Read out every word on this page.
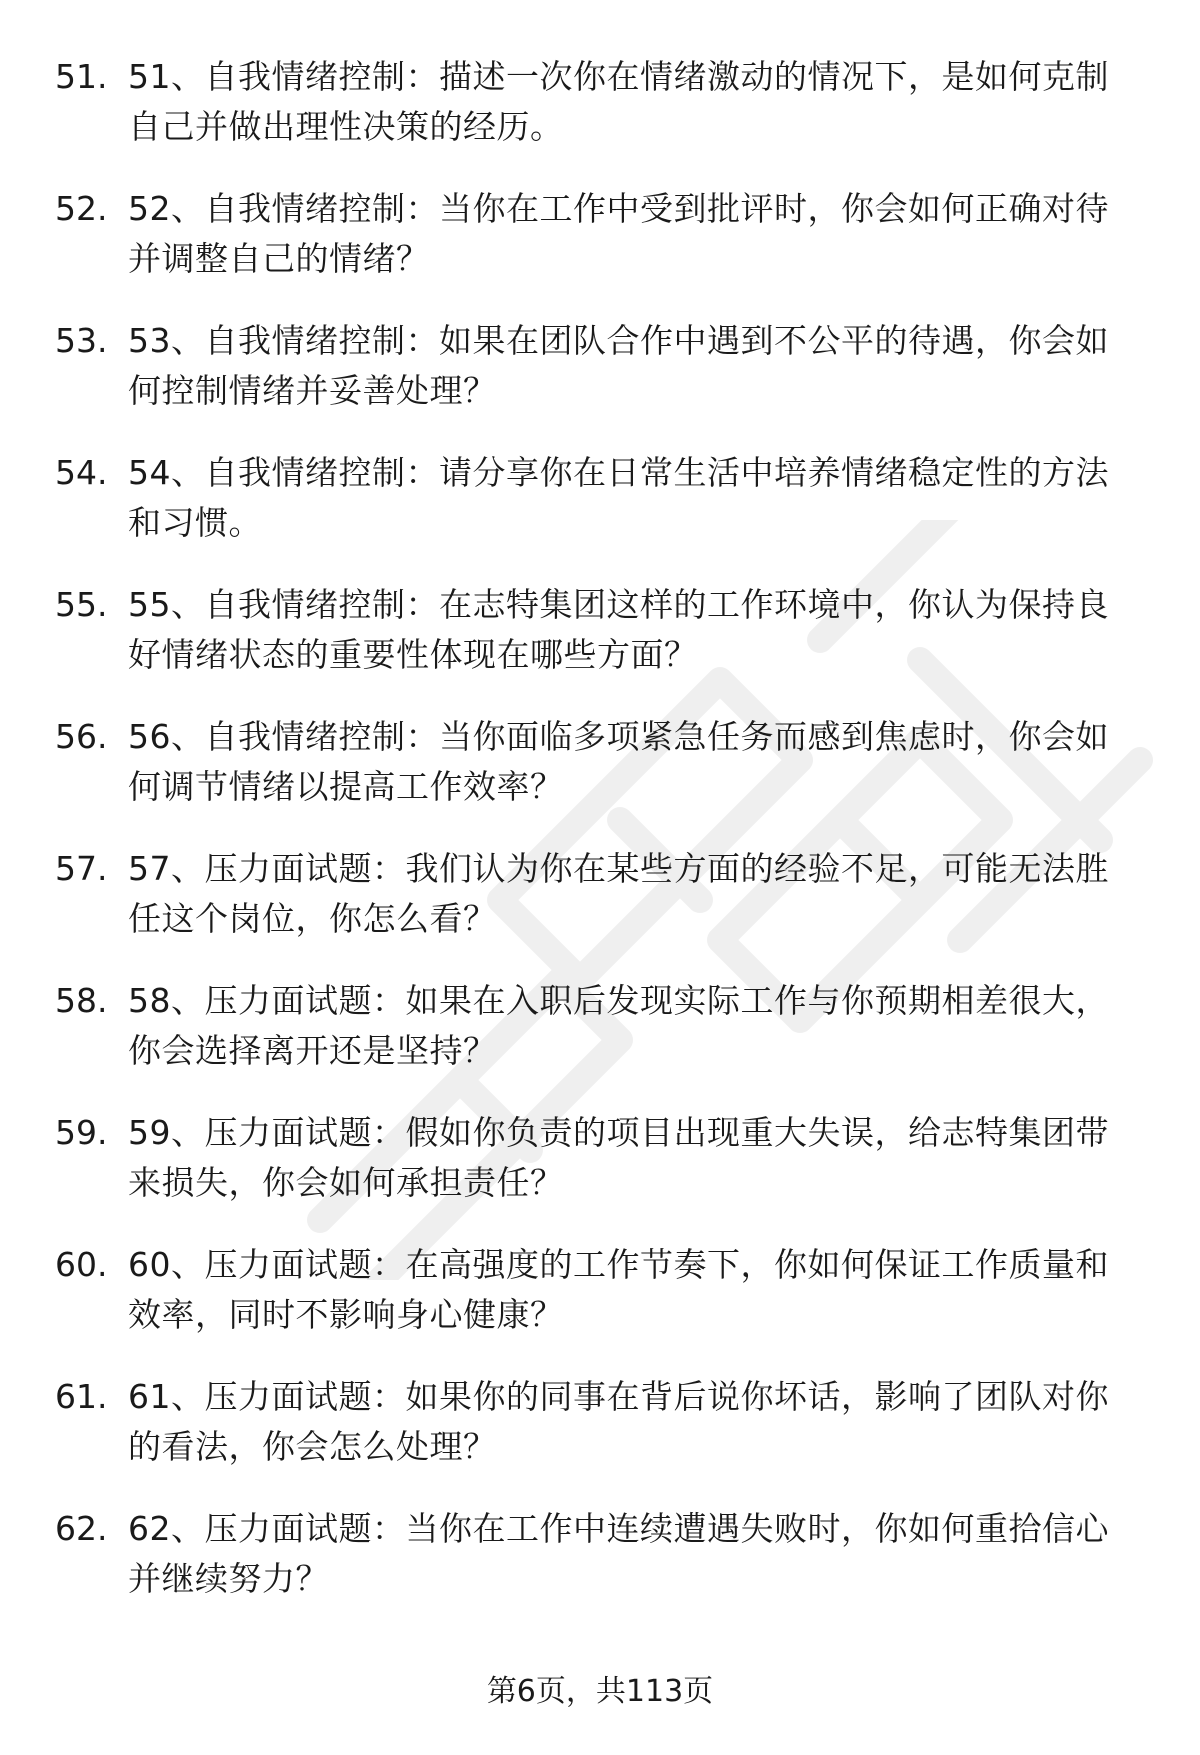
51. 51、自我情绪控制：描述一次你在情绪激动的情况下，是如何克制自己并做出理性决策的经历。
52. 52、自我情绪控制：当你在工作中受到批评时，你会如何正确对待并调整自己的情绪？
53. 53、自我情绪控制：如果在团队合作中遇到不公平的待遇，你会如何控制情绪并妥善处理？
54. 54、自我情绪控制：请分享你在日常生活中培养情绪稳定性的方法和习惯。
55. 55、自我情绪控制：在志特集团这样的工作环境中，你认为保持良好情绪状态的重要性体现在哪些方面？
56. 56、自我情绪控制：当你面临多项紧急任务而感到焦虑时，你会如何调节情绪以提高工作效率？
57. 57、压力面试题：我们认为你在某些方面的经验不足，可能无法胜任这个岗位，你怎么看？
58. 58、压力面试题：如果在入职后发现实际工作与你预期相差很大，你会选择离开还是坚持？
59. 59、压力面试题：假如你负责的项目出现重大失误，给志特集团带来损失，你会如何承担责任？
60. 60、压力面试题：在高强度的工作节奏下，你如何保证工作质量和效率，同时不影响身心健康？
61. 61、压力面试题：如果你的同事在背后说你坏话，影响了团队对你的看法，你会怎么处理？
62. 62、压力面试题：当你在工作中连续遭遇失败时，你如何重拾信心并继续努力？
第6页，共113页
